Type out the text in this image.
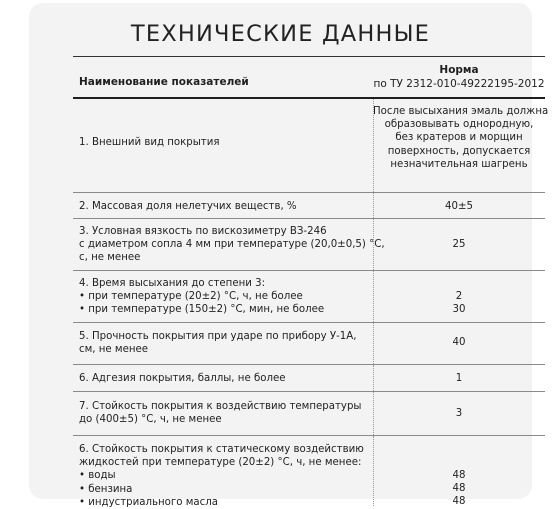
ТЕХНИЧЕСКИЕ ДАННЫЕ
Наименование показателей
Норма
по ТУ 2312-010-49222195-2012
1. Внешний вид покрытия
После высыхания эмаль должна
образовывать однородную,
без кратеров и морщин
поверхность, допускается
незначительная шагрень
2. Массовая доля нелетучих веществ, %	40±5
3. Условная вязкость по вискозиметру ВЗ-246
с диаметром сопла 4 мм при температуре (20,0±0,5) °С,
с, не менее
25
4. Время высыхания до степени 3:
• при температуре (20±2) °С, ч, не более
• при температуре (150±2) °С, мин, не более
2
30
5. Прочность покрытия при ударе по прибору У-1А,
см, не менее
40
6. Адгезия покрытия, баллы, не более	1
7. Стойкость покрытия к воздействию температуры
до (400±5) °С, ч, не менее
3
6. Стойкость покрытия к статическому воздействию
жидкостей при температуре (20±2) °С, ч, не менее:
• воды
• бензина
• индустриального масла
48
48
48
